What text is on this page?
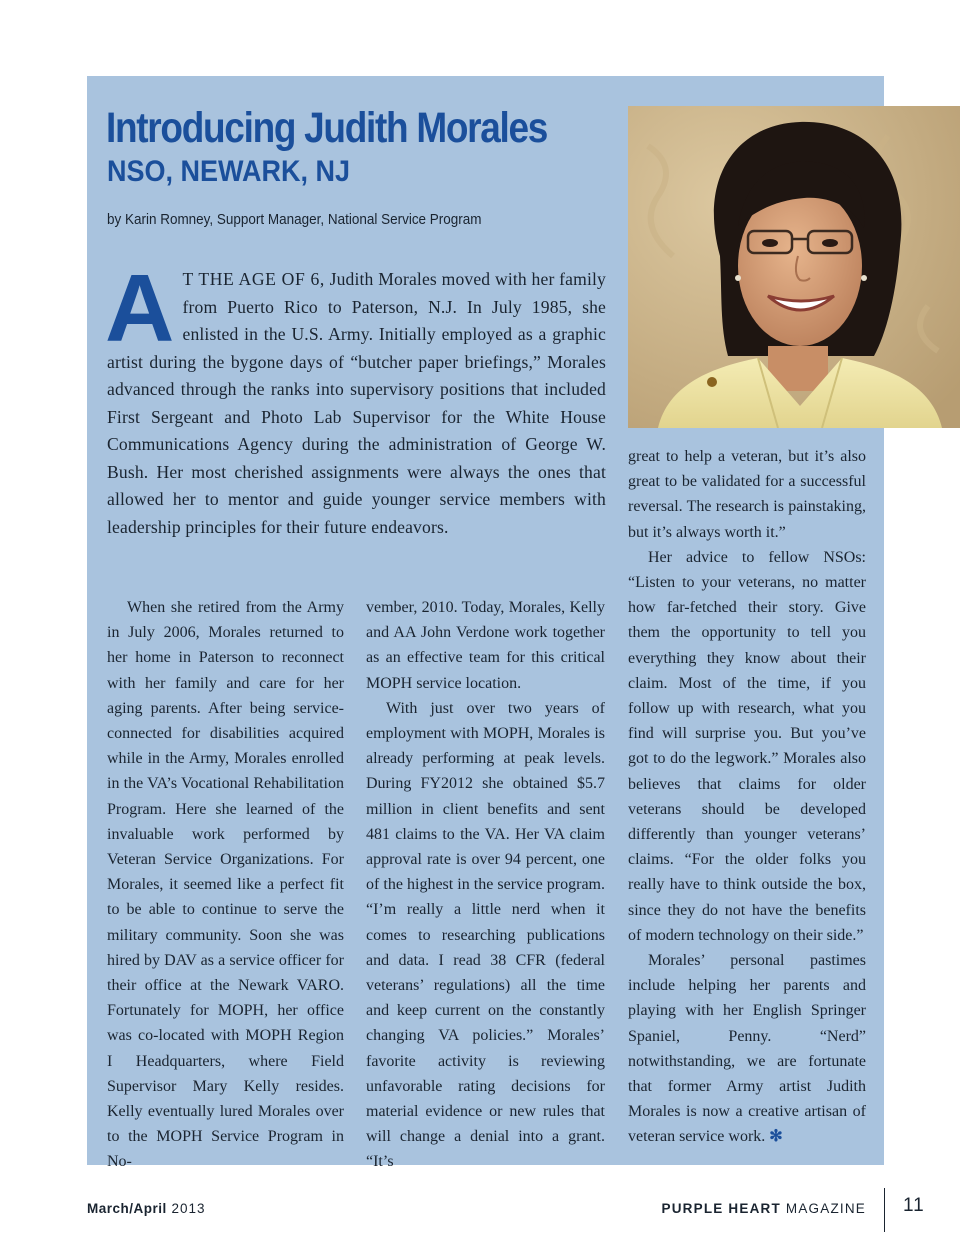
Introducing Judith Morales
NSO, NEWARK, NJ

by Karin Romney, Support Manager, National Service Program

A T THE AGE OF 6, Judith Morales moved with her family from Puerto Rico to Paterson, N.J. In July 1985, she enlisted in the U.S. Army. Initially employed as a graphic artist during the bygone days of “butcher paper briefings,” Morales advanced through the ranks into supervisory positions that included First Sergeant and Photo Lab Supervisor for the White House Communications Agency during the administration of George W. Bush. Her most cherished assignments were always the ones that allowed her to mentor and guide younger service members with leadership principles for their future endeavors.

When she retired from the Army in July 2006, Morales returned to her home in Paterson to reconnect with her family and care for her aging parents. After being service-connected for disabilities acquired while in the Army, Morales enrolled in the VA’s Vocational Rehabilitation Program. Here she learned of the invaluable work performed by Veteran Service Organizations. For Morales, it seemed like a perfect fit to be able to continue to serve the military community. Soon she was hired by DAV as a service officer for their office at the Newark VARO. Fortunately for MOPH, her office was co-located with MOPH Region I Headquarters, where Field Supervisor Mary Kelly resides. Kelly eventually lured Morales over to the MOPH Service Program in No-

vember, 2010. Today, Morales, Kelly and AA John Verdone work together as an effective team for this critical MOPH service location.

With just over two years of employment with MOPH, Morales is already performing at peak levels. During FY2012 she obtained $5.7 million in client benefits and sent 481 claims to the VA. Her VA claim approval rate is over 94 percent, one of the highest in the service program. “I’m really a little nerd when it comes to researching publications and data. I read 38 CFR (federal veterans’ regulations) all the time and keep current on the constantly changing VA policies.” Morales’ favorite activity is reviewing unfavorable rating decisions for material evidence or new rules that will change a denial into a grant. “It’s

great to help a veteran, but it’s also great to be validated for a successful reversal. The research is painstaking, but it’s always worth it.”

Her advice to fellow NSOs: “Listen to your veterans, no matter how far-fetched their story. Give them the opportunity to tell you everything they know about their claim. Most of the time, if you follow up with research, what you find will surprise you. But you’ve got to do the legwork.” Morales also believes that claims for older veterans should be developed differently than younger veterans’ claims. “For the older folks you really have to think outside the box, since they do not have the benefits of modern technology on their side.”

Morales’ personal pastimes include helping her parents and playing with her English Springer Spaniel, Penny. “Nerd” notwithstanding, we are fortunate that former Army artist Judith Morales is now a creative artisan of veteran service work. ✻

March/April 2013	PURPLE HEART MAGAZINE 11
